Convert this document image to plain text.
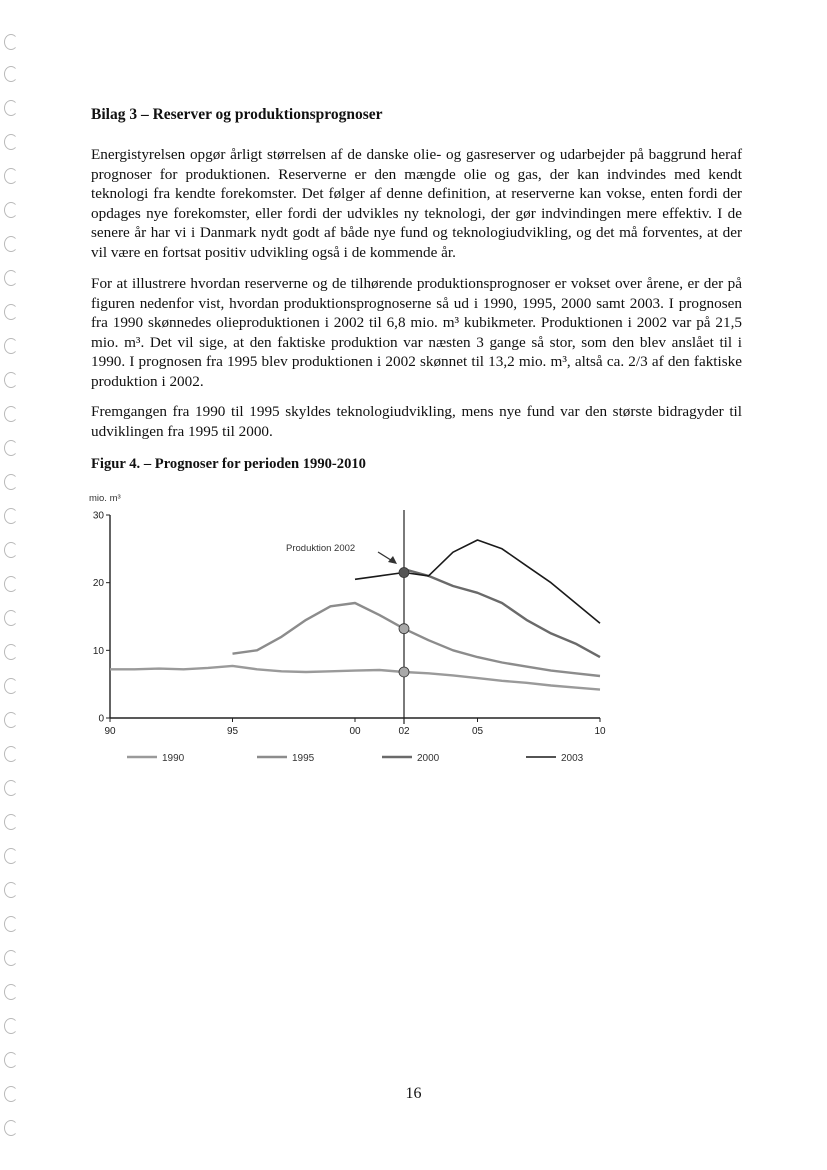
Bilag 3 – Reserver og produktionsprognoser

Energistyrelsen opgør årligt størrelsen af de danske olie- og gasreserver og udarbejder på baggrund heraf prognoser for produktionen. Reserverne er den mængde olie og gas, der kan indvindes med kendt teknologi fra kendte forekomster. Det følger af denne definition, at reserverne kan vokse, enten fordi der opdages nye forekomster, eller fordi der udvikles ny teknologi, der gør indvindingen mere effektiv. I de senere år har vi i Danmark nydt godt af både nye fund og teknologiudvikling, og det må forventes, at der vil være en fortsat positiv udvikling også i de kommende år.

For at illustrere hvordan reserverne og de tilhørende produktionsprognoser er vokset over årene, er der på figuren nedenfor vist, hvordan produktionsprognoserne så ud i 1990, 1995, 2000 samt 2003. I prognosen fra 1990 skønnedes olieproduktionen i 2002 til 6,8 mio. m³ kubikmeter. Produktionen i 2002 var på 21,5 mio. m³. Det vil sige, at den faktiske produktion var næsten 3 gange så stor, som den blev anslået til i 1990. I prognosen fra 1995 blev produktionen i 2002 skønnet til 13,2 mio. m³, altså ca. 2/3 af den faktiske produktion i 2002.

Fremgangen fra 1990 til 1995 skyldes teknologiudvikling, mens nye fund var den største bidragyder til udviklingen fra 1995 til 2000.

Figur 4. – Prognoser for perioden 1990-2010

mio. m³
0
10
20
30
90	95	00	02	05	10
Produktion 2002
1990	1995	2000	2003
16
